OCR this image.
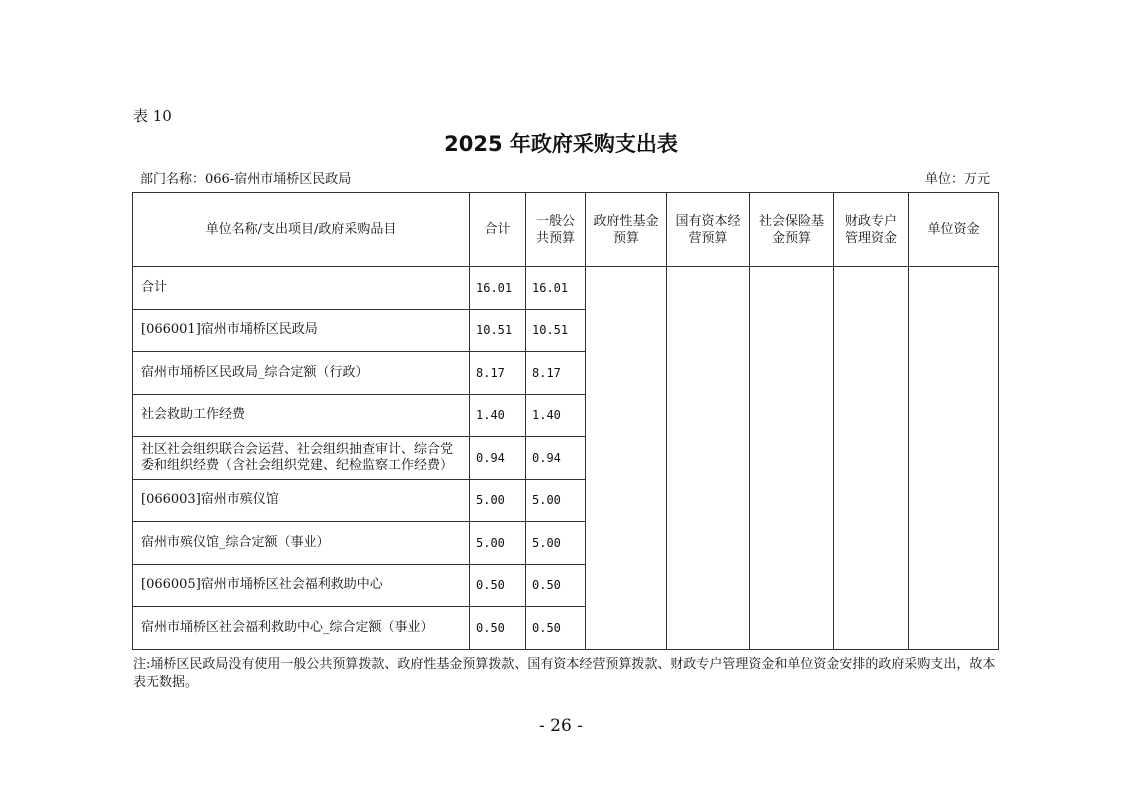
表 10
2025 年政府采购支出表
部门名称：066-宿州市埇桥区民政局	单位：万元
单位名称/支出项目/政府采购品目	合计	一般公共预算	政府性基金预算	国有资本经营预算	社会保险基金预算	财政专户管理资金	单位资金
合计	16.01	16.01					
[066001]宿州市埇桥区民政局	10.51	10.51					
宿州市埇桥区民政局_综合定额（行政）	8.17	8.17					
社会救助工作经费	1.40	1.40					
社区社会组织联合会运营、社会组织抽查审计、综合党委和组织经费（含社会组织党建、纪检监察工作经费）	0.94	0.94					
[066003]宿州市殡仪馆	5.00	5.00					
宿州市殡仪馆_综合定额（事业）	5.00	5.00					
[066005]宿州市埇桥区社会福利救助中心	0.50	0.50					
宿州市埇桥区社会福利救助中心_综合定额（事业）	0.50	0.50					
注:埇桥区民政局没有使用一般公共预算拨款、政府性基金预算拨款、国有资本经营预算拨款、财政专户管理资金和单位资金安排的政府采购支出，故本表无数据。
- 26 -
